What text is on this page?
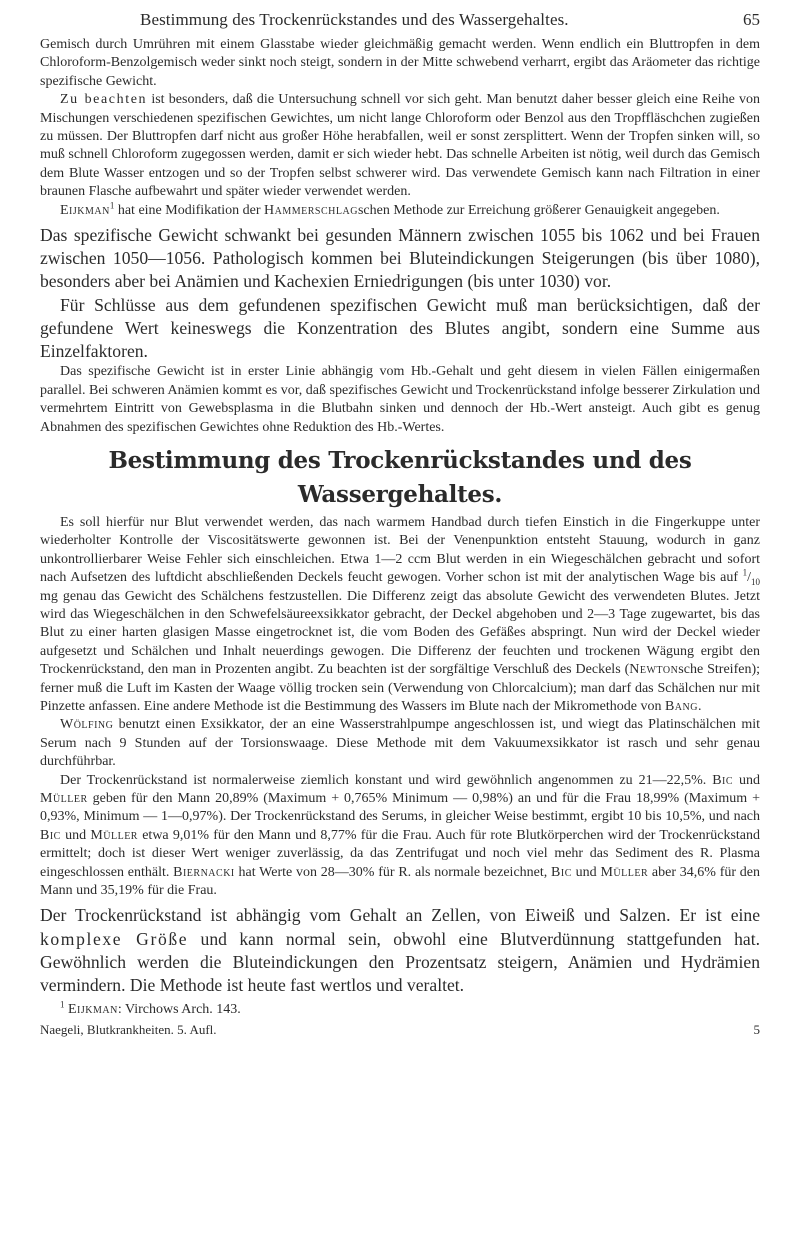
Bestimmung des Trockenrückstandes und des Wassergehaltes.	65

Gemisch durch Umrühren mit einem Glasstabe wieder gleichmäßig gemacht werden. Wenn endlich ein Bluttropfen in dem Chloroform-Benzolgemisch weder sinkt noch steigt, sondern in der Mitte schwebend verharrt, ergibt das Aräometer das richtige spezifische Gewicht.

Zu beachten ist besonders, daß die Untersuchung schnell vor sich geht. Man benutzt daher besser gleich eine Reihe von Mischungen verschiedenen spezifischen Gewichtes, um nicht lange Chloroform oder Benzol aus den Tropffläschchen zugießen zu müssen. Der Bluttropfen darf nicht aus großer Höhe herabfallen, weil er sonst zersplittert. Wenn der Tropfen sinken will, so muß schnell Chloroform zugegossen werden, damit er sich wieder hebt. Das schnelle Arbeiten ist nötig, weil durch das Gemisch dem Blute Wasser entzogen und so der Tropfen selbst schwerer wird. Das verwendete Gemisch kann nach Filtration in einer braunen Flasche aufbewahrt und später wieder verwendet werden.

Eijkman$^1$ hat eine Modifikation der Hammerschlagschen Methode zur Erreichung größerer Genauigkeit angegeben.

Das spezifische Gewicht schwankt bei gesunden Männern zwischen 1055 bis 1062 und bei Frauen zwischen 1050—1056. Pathologisch kommen bei Bluteindickungen Steigerungen (bis über 1080), besonders aber bei Anämien und Kachexien Erniedrigungen (bis unter 1030) vor.

Für Schlüsse aus dem gefundenen spezifischen Gewicht muß man berücksichtigen, daß der gefundene Wert keineswegs die Konzentration des Blutes angibt, sondern eine Summe aus Einzelfaktoren.

Das spezifische Gewicht ist in erster Linie abhängig vom Hb.-Gehalt und geht diesem in vielen Fällen einigermaßen parallel. Bei schweren Anämien kommt es vor, daß spezifisches Gewicht und Trockenrückstand infolge besserer Zirkulation und vermehrtem Eintritt von Gewebsplasma in die Blutbahn sinken und dennoch der Hb.-Wert ansteigt. Auch gibt es genug Abnahmen des spezifischen Gewichtes ohne Reduktion des Hb.-Wertes.

Bestimmung des Trockenrückstandes und des Wassergehaltes.

Es soll hierfür nur Blut verwendet werden, das nach warmem Handbad durch tiefen Einstich in die Fingerkuppe unter wiederholter Kontrolle der Viscositätswerte gewonnen ist. Bei der Venenpunktion entsteht Stauung, wodurch in ganz unkontrollierbarer Weise Fehler sich einschleichen. Etwa 1—2 ccm Blut werden in ein Wiegeschälchen gebracht und sofort nach Aufsetzen des luftdicht abschließenden Deckels feucht gewogen. Vorher schon ist mit der analytischen Wage bis auf $^1/_{10}$ mg genau das Gewicht des Schälchens festzustellen. Die Differenz zeigt das absolute Gewicht des verwendeten Blutes. Jetzt wird das Wiegeschälchen in den Schwefelsäureexsikkator gebracht, der Deckel abgehoben und 2—3 Tage zugewartet, bis das Blut zu einer harten glasigen Masse eingetrocknet ist, die vom Boden des Gefäßes abspringt. Nun wird der Deckel wieder aufgesetzt und Schälchen und Inhalt neuerdings gewogen. Die Differenz der feuchten und trockenen Wägung ergibt den Trockenrückstand, den man in Prozenten angibt. Zu beachten ist der sorgfältige Verschluß des Deckels (Newtonsche Streifen); ferner muß die Luft im Kasten der Waage völlig trocken sein (Verwendung von Chlorcalcium); man darf das Schälchen nur mit Pinzette anfassen. Eine andere Methode ist die Bestimmung des Wassers im Blute nach der Mikromethode von Bang.

Wölfing benutzt einen Exsikkator, der an eine Wasserstrahlpumpe angeschlossen ist, und wiegt das Platinschälchen mit Serum nach 9 Stunden auf der Torsionswaage. Diese Methode mit dem Vakuumexsikkator ist rasch und sehr genau durchführbar.

Der Trockenrückstand ist normalerweise ziemlich konstant und wird gewöhnlich angenommen zu 21—22,5%. Bic und Müller geben für den Mann 20,89% (Maximum + 0,765% Minimum — 0,98%) an und für die Frau 18,99% (Maximum + 0,93%, Minimum — 1—0,97%). Der Trockenrückstand des Serums, in gleicher Weise bestimmt, ergibt 10 bis 10,5%, und nach Bic und Müller etwa 9,01% für den Mann und 8,77% für die Frau. Auch für rote Blutkörperchen wird der Trockenrückstand ermittelt; doch ist dieser Wert weniger zuverlässig, da das Zentrifugat und noch viel mehr das Sediment des R. Plasma eingeschlossen enthält. Biernacki hat Werte von 28—30% für R. als normale bezeichnet, Bic und Müller aber 34,6% für den Mann und 35,19% für die Frau.

Der Trockenrückstand ist abhängig vom Gehalt an Zellen, von Eiweiß und Salzen. Er ist eine komplexe Größe und kann normal sein, obwohl eine Blutverdünnung stattgefunden hat. Gewöhnlich werden die Bluteindickungen den Prozentsatz steigern, Anämien und Hydrämien vermindern. Die Methode ist heute fast wertlos und veraltet.

$^1$ Eijkman: Virchows Arch. 143.
Naegeli, Blutkrankheiten. 5. Aufl.	5
